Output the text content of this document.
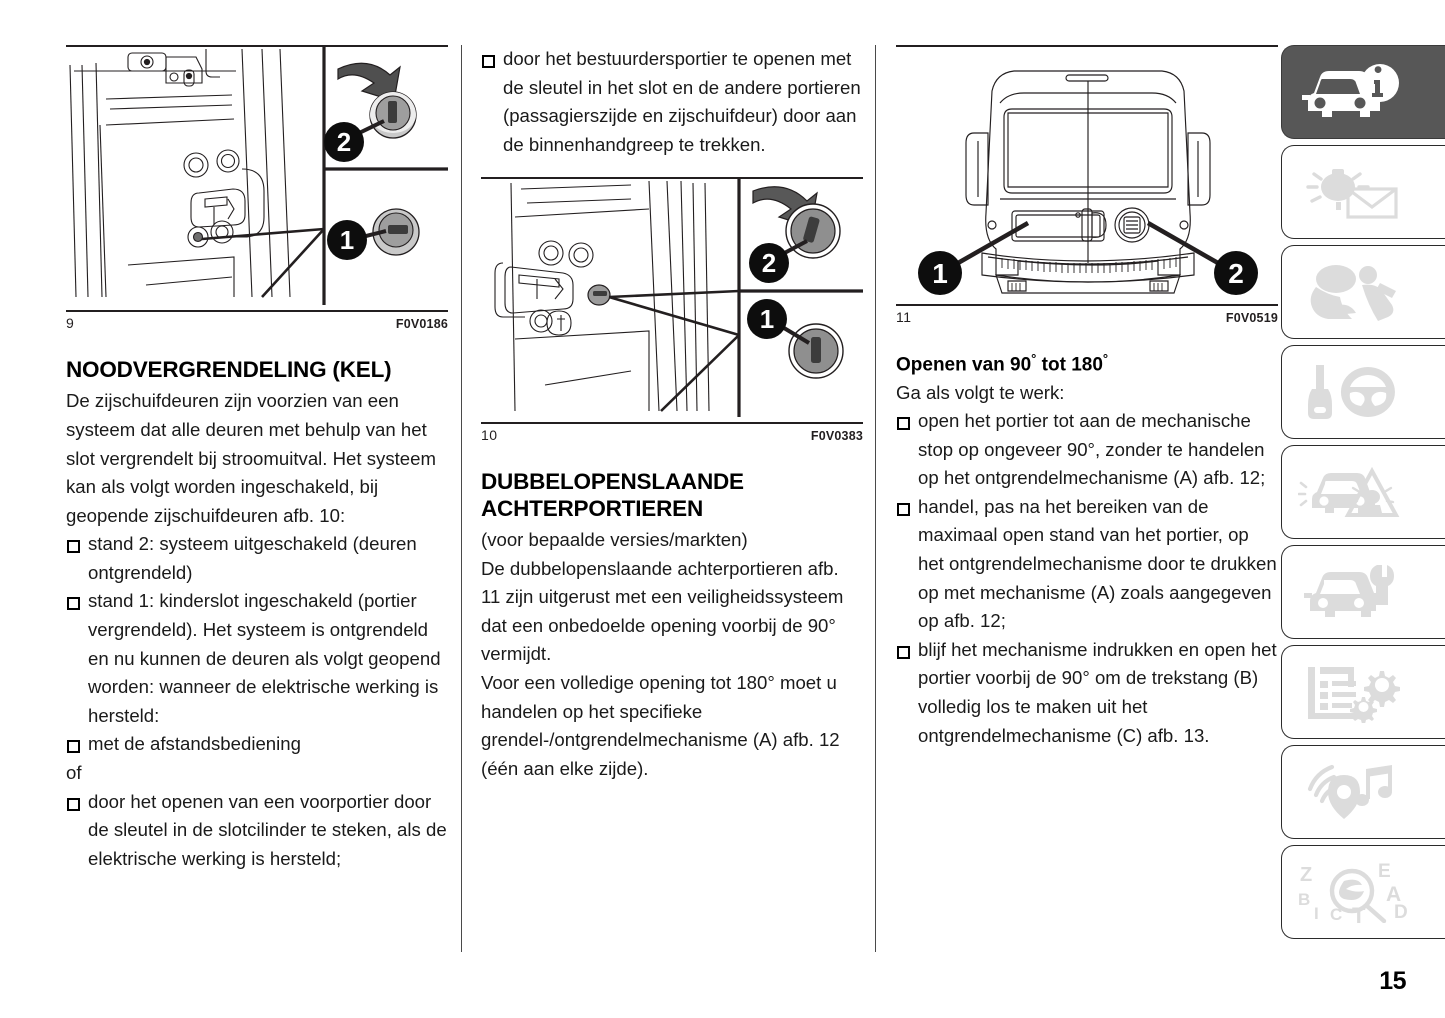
2
1
9	F0V0186
NOODVERGRENDELING (KEL)

De zijschuifdeuren zijn voorzien van een systeem dat alle deuren met behulp van het slot vergrendelt bij stroomuitval. Het systeem kan als volgt worden ingeschakeld, bij geopende zijschuifdeuren afb. 10:

stand 2: systeem uitgeschakeld (deuren ontgrendeld)

stand 1: kinderslot ingeschakeld (portier vergrendeld). Het systeem is ontgrendeld en nu kunnen de deuren als volgt geopend worden: wanneer de elektrische werking is hersteld:

met de afstandsbediening

of

door het openen van een voorportier door de sleutel in de slotcilinder te steken, als de elektrische werking is hersteld;

door het bestuurdersportier te openen met de sleutel in het slot en de andere portieren (passagierszijde en zijschuifdeur) door aan de binnenhandgreep te trekken.

2
1
10	F0V0383
DUBBELOPENSLAANDE ACHTERPORTIEREN

(voor bepaalde versies/markten)

De dubbelopenslaande achterportieren afb. 11 zijn uitgerust met een veiligheidssysteem dat een onbedoelde opening voorbij de 90° vermijdt.

Voor een volledige opening tot 180° moet u handelen op het specifieke grendel-/ontgrendelmechanisme (A) afb. 12 (één aan elke zijde).

1	2
11	F0V0519
Openen van 90° tot 180°

Ga als volgt te werk:

open het portier tot aan de mechanische stop op ongeveer 90°, zonder te handelen op het ontgrendelmechanisme (A) afb. 12;

handel, pas na het bereiken van de maximaal open stand van het portier, op het ontgrendelmechanisme door te drukken op met mechanisme (A) zoals aangegeven op afb. 12;

blijf het mechanisme indrukken en open het portier voorbij de 90° om de trekstang (B) volledig los te maken uit het ontgrendelmechanisme (C) afb. 13.

Z
B
I C T
E
A
D
15
